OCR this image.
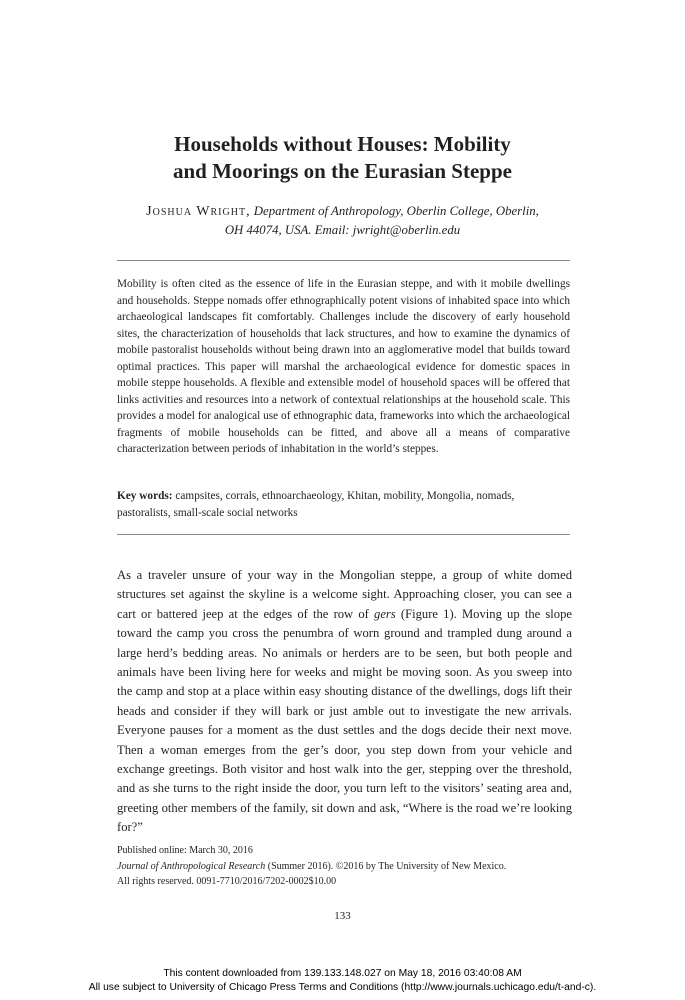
Households without Houses: Mobility
and Moorings on the Eurasian Steppe
Joshua Wright, Department of Anthropology, Oberlin College, Oberlin,
OH 44074, USA. Email: jwright@oberlin.edu

Mobility is often cited as the essence of life in the Eurasian steppe, and with it mobile dwellings and households. Steppe nomads offer ethnographically potent visions of inhabited space into which archaeological landscapes fit comfortably. Challenges include the discovery of early household sites, the characterization of households that lack structures, and how to examine the dynamics of mobile pastoralist households without being drawn into an agglomerative model that builds toward optimal practices. This paper will marshal the archaeological evidence for domestic spaces in mobile steppe households. A flexible and extensible model of household spaces will be offered that links activities and resources into a network of contextual relationships at the household scale. This provides a model for analogical use of ethnographic data, frameworks into which the archaeological fragments of mobile households can be fitted, and above all a means of comparative characterization between periods of inhabitation in the world’s steppes.

Key words: campsites, corrals, ethnoarchaeology, Khitan, mobility, Mongolia, nomads, pastoralists, small-scale social networks

As a traveler unsure of your way in the Mongolian steppe, a group of white domed structures set against the skyline is a welcome sight. Approaching closer, you can see a cart or battered jeep at the edges of the row of gers (Figure 1). Moving up the slope toward the camp you cross the penumbra of worn ground and trampled dung around a large herd’s bedding areas. No animals or herders are to be seen, but both people and animals have been living here for weeks and might be moving soon. As you sweep into the camp and stop at a place within easy shouting distance of the dwellings, dogs lift their heads and consider if they will bark or just amble out to investigate the new arrivals. Everyone pauses for a moment as the dust settles and the dogs decide their next move. Then a woman emerges from the ger’s door, you step down from your vehicle and exchange greetings. Both visitor and host walk into the ger, stepping over the threshold, and as she turns to the right inside the door, you turn left to the visitors’ seating area and, greeting other members of the family, sit down and ask, “Where is the road we’re looking for?”

Published online: March 30, 2016
Journal of Anthropological Research (Summer 2016). ©2016 by The University of New Mexico.
All rights reserved. 0091-7710/2016/7202-0002$10.00
133
This content downloaded from 139.133.148.027 on May 18, 2016 03:40:08 AM
All use subject to University of Chicago Press Terms and Conditions (http://www.journals.uchicago.edu/t-and-c).
